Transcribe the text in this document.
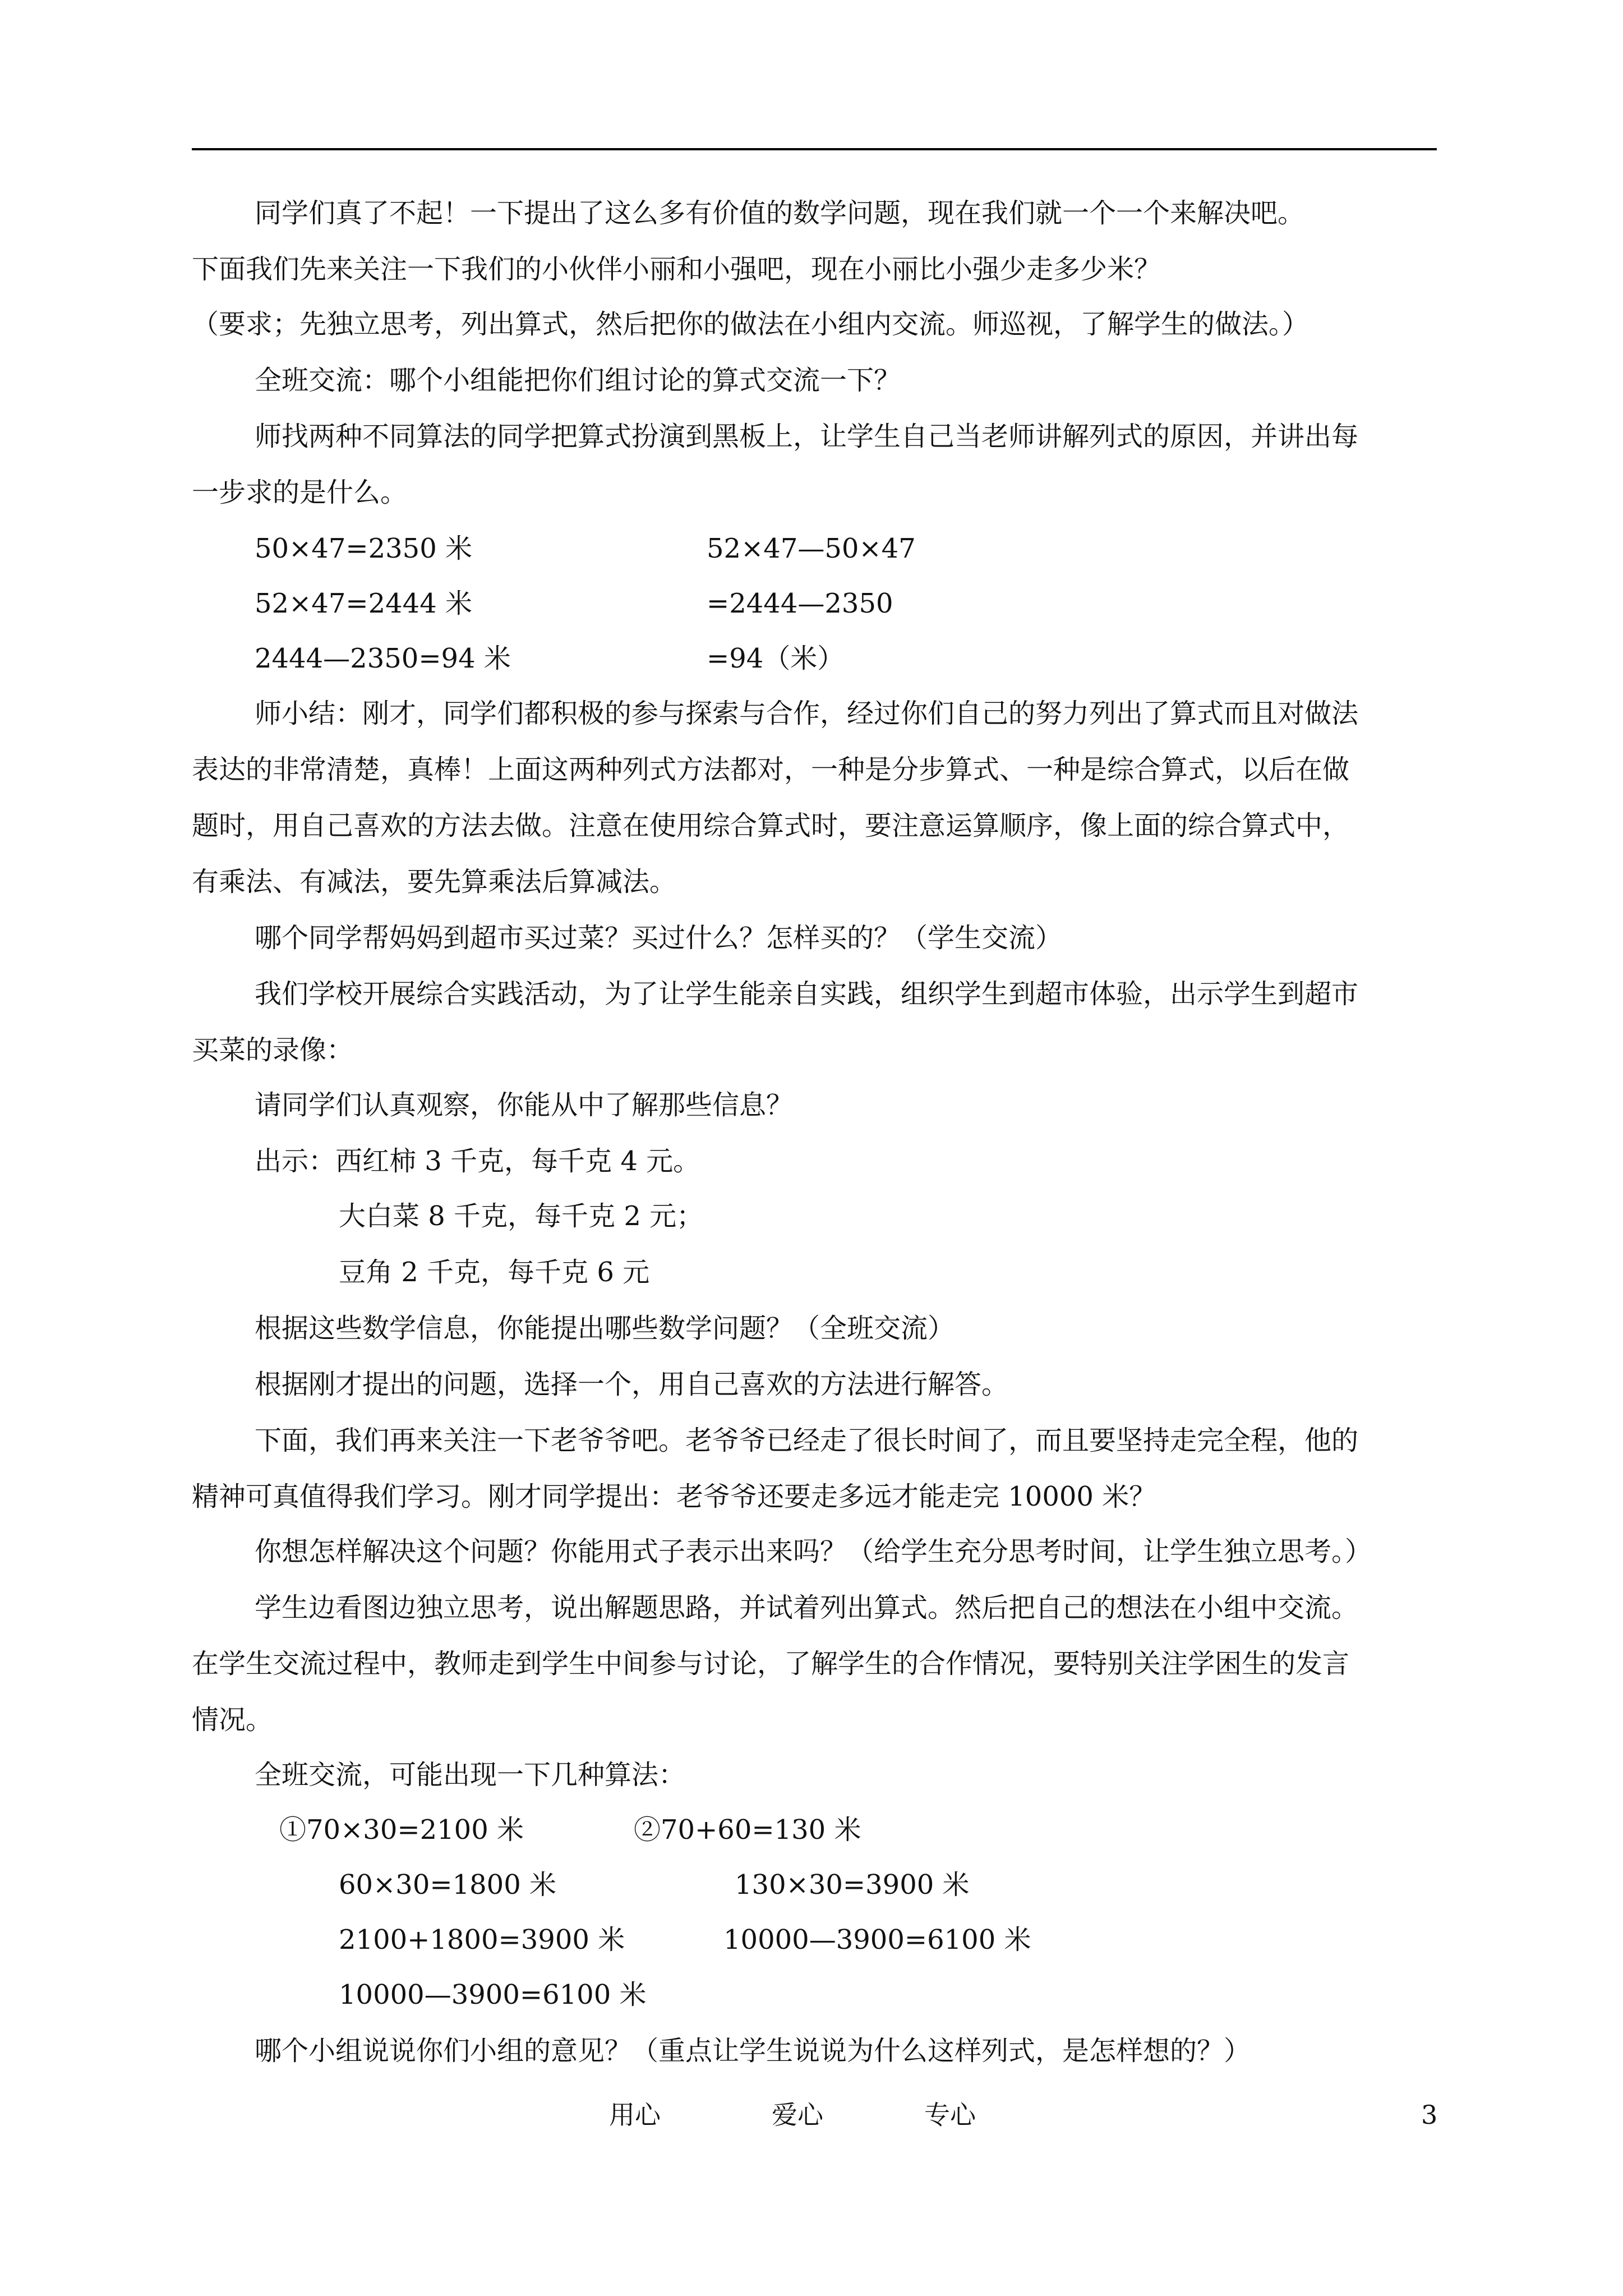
同学们真了不起！一下提出了这么多有价值的数学问题，现在我们就一个一个来解决吧。
下面我们先来关注一下我们的小伙伴小丽和小强吧，现在小丽比小强少走多少米？
（要求；先独立思考，列出算式，然后把你的做法在小组内交流。师巡视，了解学生的做法。）
全班交流：哪个小组能把你们组讨论的算式交流一下？
师找两种不同算法的同学把算式扮演到黑板上，让学生自己当老师讲解列式的原因，并讲出每
一步求的是什么。
50×47=2350 米	52×47—50×47
52×47=2444 米	=2444—2350
2444—2350=94 米	=94（米）
师小结：刚才，同学们都积极的参与探索与合作，经过你们自己的努力列出了算式而且对做法
表达的非常清楚，真棒！上面这两种列式方法都对，一种是分步算式、一种是综合算式，以后在做
题时，用自己喜欢的方法去做。注意在使用综合算式时，要注意运算顺序，像上面的综合算式中，
有乘法、有减法，要先算乘法后算减法。
哪个同学帮妈妈到超市买过菜？买过什么？怎样买的？（学生交流）
我们学校开展综合实践活动，为了让学生能亲自实践，组织学生到超市体验，出示学生到超市
买菜的录像：
请同学们认真观察，你能从中了解那些信息？
出示：西红柿 3 千克，每千克 4 元。
大白菜 8 千克，每千克 2 元；
豆角 2 千克，每千克 6 元
根据这些数学信息，你能提出哪些数学问题？（全班交流）
根据刚才提出的问题，选择一个，用自己喜欢的方法进行解答。
下面，我们再来关注一下老爷爷吧。老爷爷已经走了很长时间了，而且要坚持走完全程，他的
精神可真值得我们学习。刚才同学提出：老爷爷还要走多远才能走完 10000 米？
你想怎样解决这个问题？你能用式子表示出来吗？（给学生充分思考时间，让学生独立思考。）
学生边看图边独立思考，说出解题思路，并试着列出算式。然后把自己的想法在小组中交流。
在学生交流过程中，教师走到学生中间参与讨论，了解学生的合作情况，要特别关注学困生的发言
情况。
全班交流，可能出现一下几种算法：
①70×30=2100 米	②70+60=130 米
60×30=1800 米	130×30=3900 米
2100+1800=3900 米	10000—3900=6100 米
10000—3900=6100 米
哪个小组说说你们小组的意见？（重点让学生说说为什么这样列式，是怎样想的？）
用心	爱心	专心	3
